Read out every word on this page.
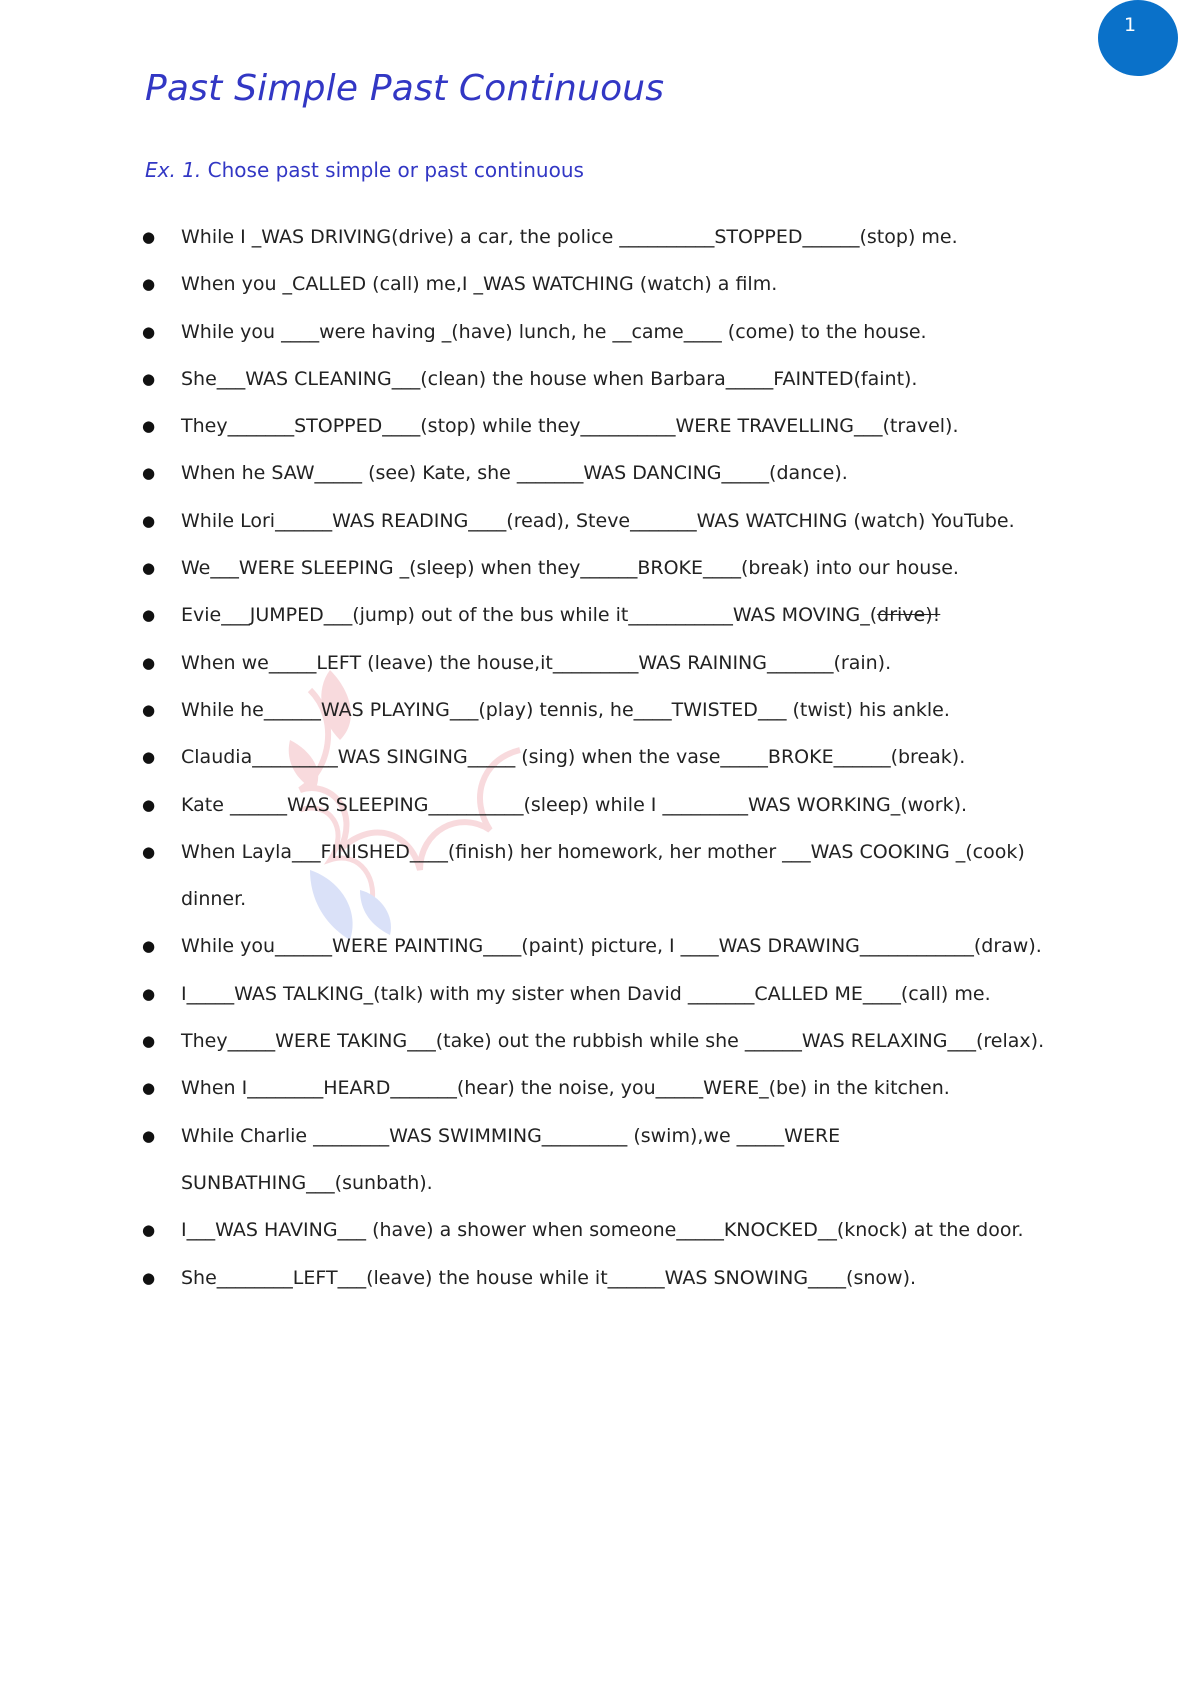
1
Past Simple Past Continuous
Ex. 1. Chose past simple or past continuous
● While I _WAS DRIVING(drive) a car, the police __________STOPPED______(stop) me.
● When you _CALLED (call) me,I _WAS WATCHING (watch) a film.
● While you ____were having _(have) lunch, he __came____ (come) to the house.
● She___WAS CLEANING___(clean) the house when Barbara_____FAINTED(faint).
● They_______STOPPED____(stop) while they__________WERE TRAVELLING___(travel).
● When he SAW_____ (see) Kate, she _______WAS DANCING_____(dance).
● While Lori______WAS READING____(read), Steve_______WAS WATCHING (watch) YouTube.
● We___WERE SLEEPING _(sleep) when they______BROKE____(break) into our house.
● Evie___JUMPED___(jump) out of the bus while it___________WAS MOVING_(drive)!
● When we_____LEFT (leave) the house,it_________WAS RAINING_______(rain).
● While he______WAS PLAYING___(play) tennis, he____TWISTED___ (twist) his ankle.
● Claudia_________WAS SINGING_____ (sing) when the vase_____BROKE______(break).
● Kate ______WAS SLEEPING__________(sleep) while I _________WAS WORKING_(work).
● When Layla___FINISHED____(finish) her homework, her mother ___WAS COOKING _(cook) dinner.
● While you______WERE PAINTING____(paint) picture, I ____WAS DRAWING____________(draw).
● I_____WAS TALKING_(talk) with my sister when David _______CALLED ME____(call) me.
● They_____WERE TAKING___(take) out the rubbish while she ______WAS RELAXING___(relax).
● When I________HEARD_______(hear) the noise, you_____WERE_(be) in the kitchen.
● While Charlie ________WAS SWIMMING_________ (swim),we _____WERE SUNBATHING___(sunbath).
● I___WAS HAVING___ (have) a shower when someone_____KNOCKED__(knock) at the door.
● She________LEFT___(leave) the house while it______WAS SNOWING____(snow).
